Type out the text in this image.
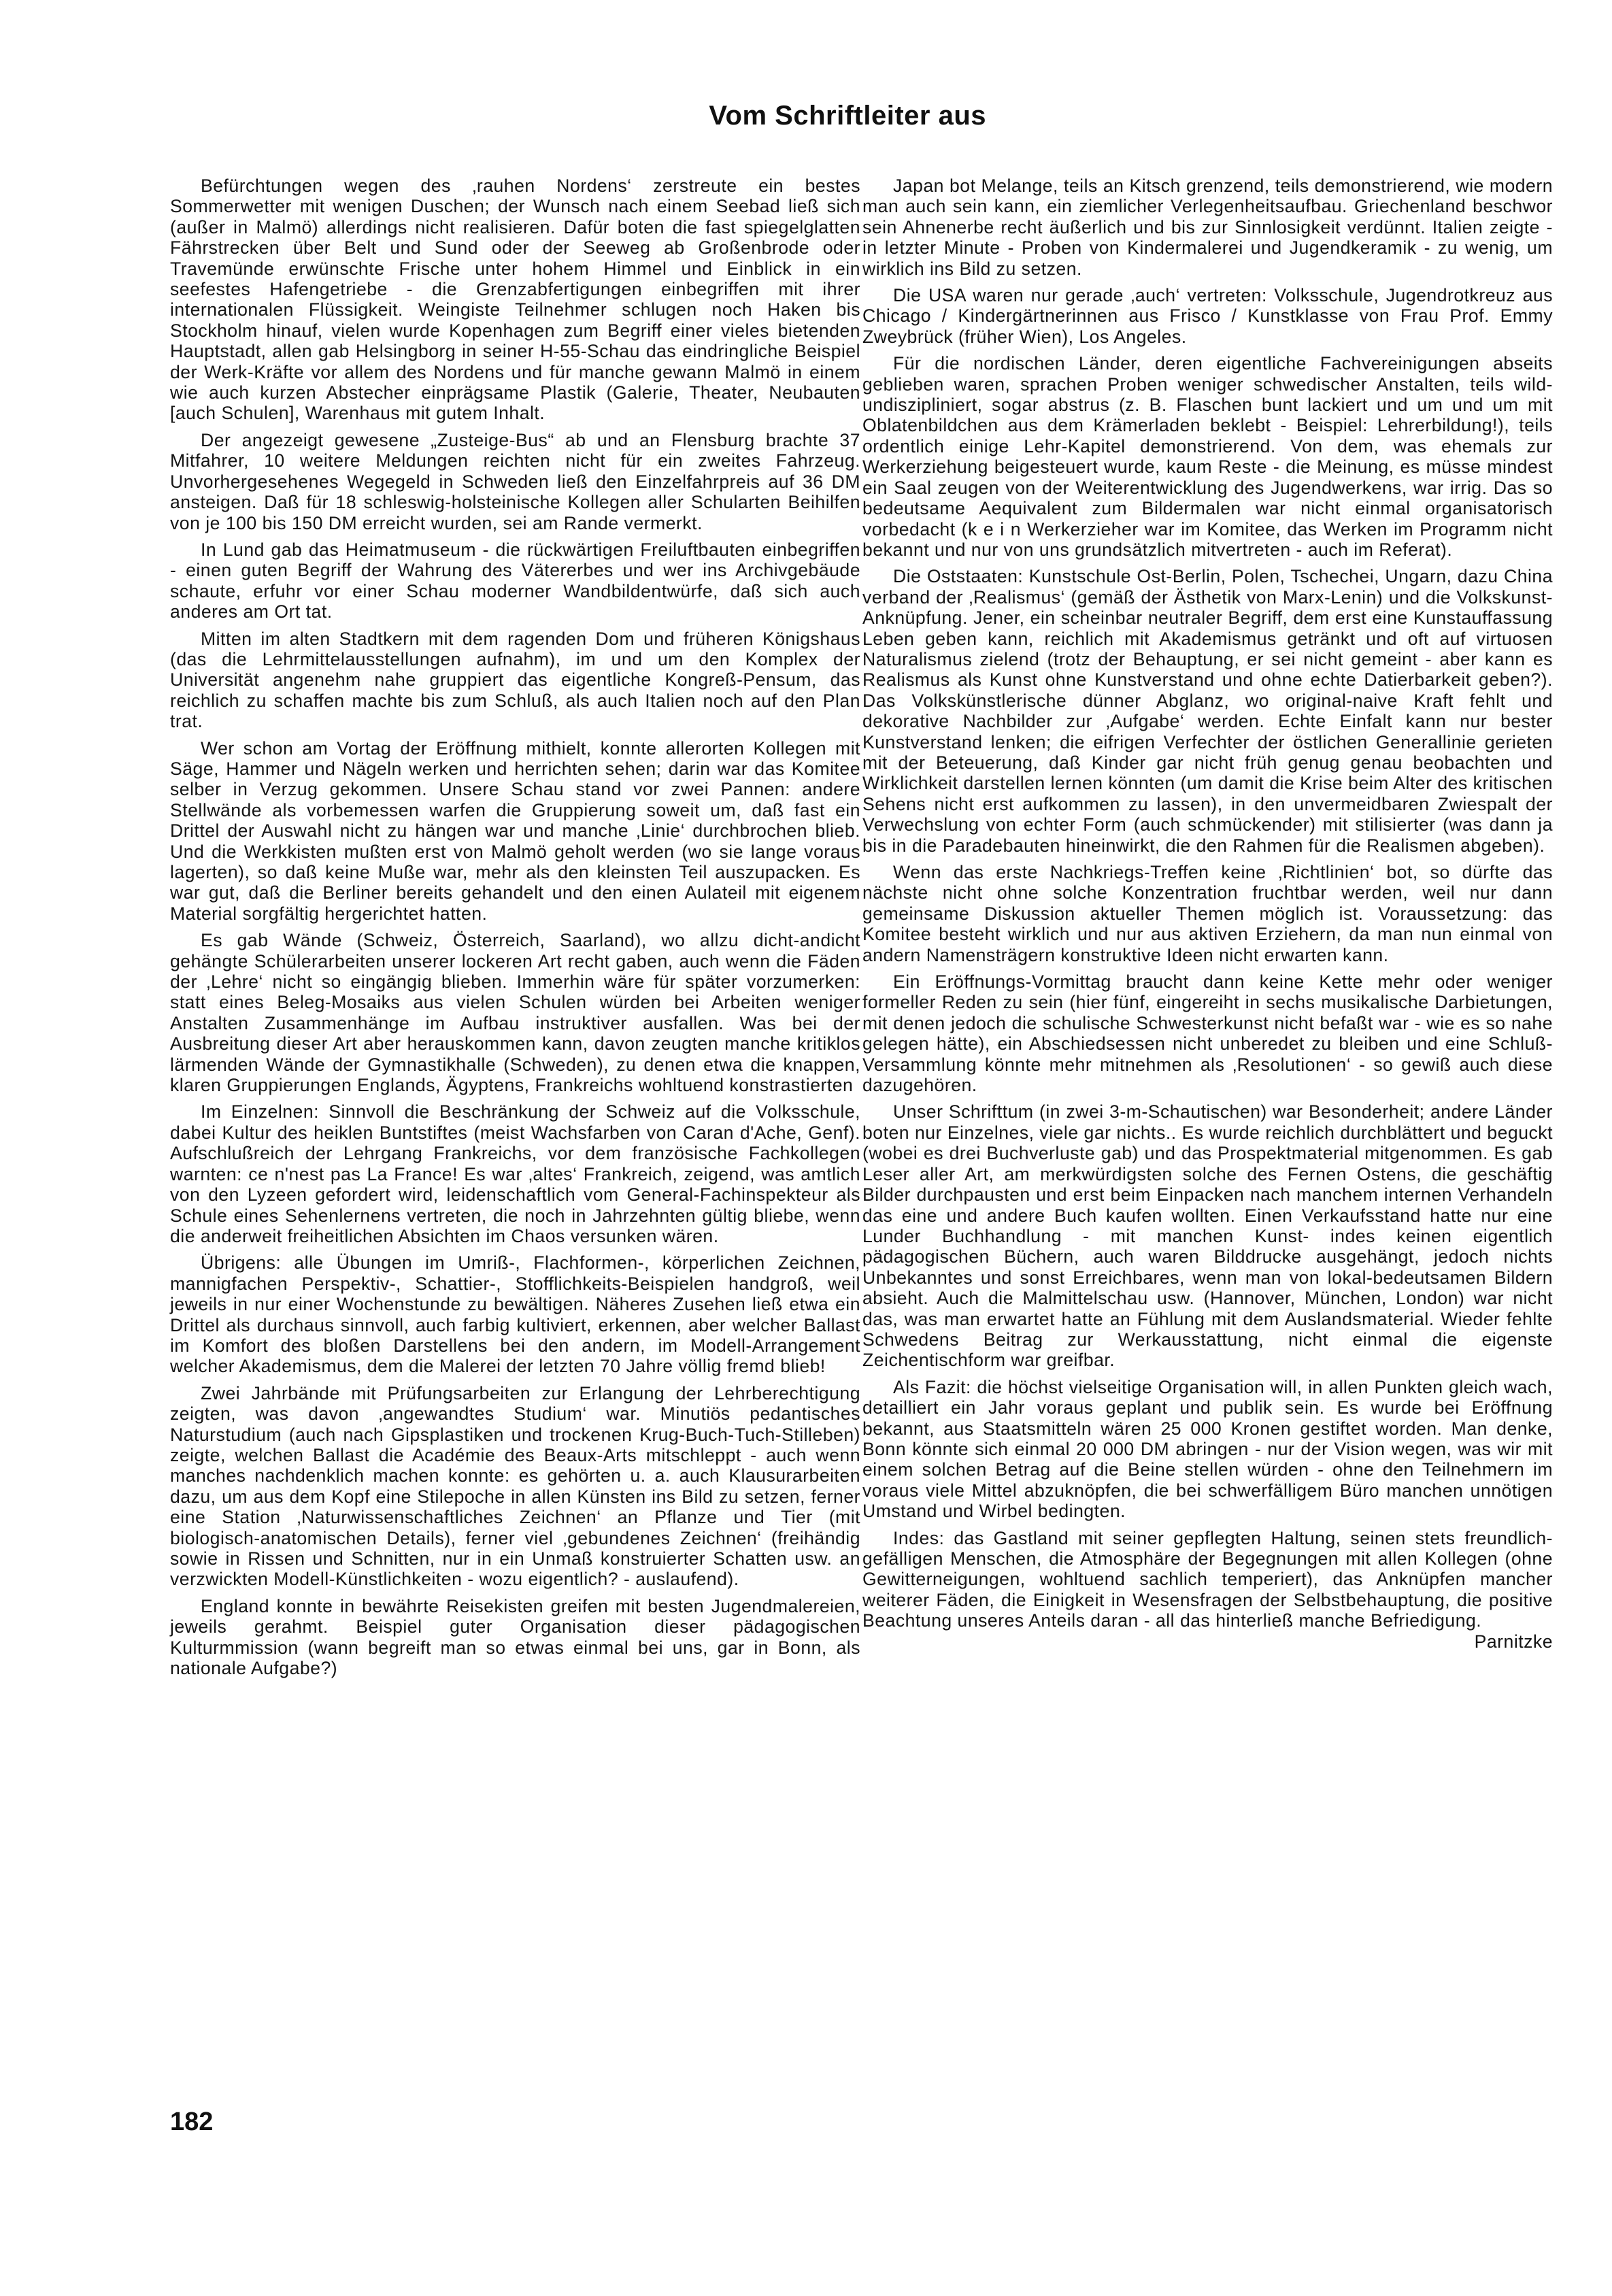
Vom Schriftleiter aus

Befürchtungen wegen des ‚rauhen Nordens‘ zerstreute ein bestes Sommerwetter mit wenigen Duschen; der Wunsch nach einem Seebad ließ sich (außer in Malmö) allerdings nicht realisieren. Dafür boten die fast spiegelglatten Fährstrecken über Belt und Sund oder der Seeweg ab Großenbrode oder Travemünde erwünschte Frische unter hohem Himmel und Einblick in ein seefestes Hafengetriebe - die Grenzabfertigungen einbegriffen mit ihrer internationalen Flüssigkeit. Weingiste Teilnehmer schlugen noch Haken bis Stockholm hinauf, vielen wurde Kopenhagen zum Begriff einer vieles bietenden Hauptstadt, allen gab Helsingborg in seiner H-55-Schau das eindringliche Beispiel der Werk-Kräfte vor allem des Nordens und für manche gewann Malmö in einem wie auch kurzen Abstecher einprägsame Plastik (Galerie, Theater, Neubauten [auch Schulen], Warenhaus mit gutem Inhalt.

Der angezeigt gewesene „Zusteige-Bus“ ab und an Flensburg brachte 37 Mitfahrer, 10 weitere Meldungen reichten nicht für ein zweites Fahrzeug. Unvorhergesehenes Wegegeld in Schweden ließ den Einzelfahrpreis auf 36 DM ansteigen. Daß für 18 schleswig-holsteinische Kollegen aller Schularten Beihilfen von je 100 bis 150 DM erreicht wurden, sei am Rande vermerkt.

In Lund gab das Heimatmuseum - die rückwärtigen Freiluftbauten einbegriffen - einen guten Begriff der Wahrung des Vätererbes und wer ins Archivgebäude schaute, erfuhr vor einer Schau moderner Wandbildentwürfe, daß sich auch anderes am Ort tat.

Mitten im alten Stadtkern mit dem ragenden Dom und früheren Königshaus (das die Lehrmittelausstellungen aufnahm), im und um den Komplex der Universität angenehm nahe gruppiert das eigentliche Kongreß-Pensum, das reichlich zu schaffen machte bis zum Schluß, als auch Italien noch auf den Plan trat.

Wer schon am Vortag der Eröffnung mithielt, konnte allerorten Kollegen mit Säge, Hammer und Nägeln werken und herrichten sehen; darin war das Komitee selber in Verzug gekommen. Unsere Schau stand vor zwei Pannen: andere Stellwände als vorbemessen warfen die Gruppierung soweit um, daß fast ein Drittel der Auswahl nicht zu hängen war und manche ‚Linie‘ durchbrochen blieb. Und die Werkkisten mußten erst von Malmö geholt werden (wo sie lange voraus lagerten), so daß keine Muße war, mehr als den kleinsten Teil auszupacken. Es war gut, daß die Berliner bereits gehandelt und den einen Aulateil mit eigenem Material sorgfältig hergerichtet hatten.

Es gab Wände (Schweiz, Österreich, Saarland), wo allzu dicht-andicht gehängte Schülerarbeiten unserer lockeren Art recht gaben, auch wenn die Fäden der ‚Lehre‘ nicht so eingängig blieben. Immerhin wäre für später vorzumerken: statt eines Beleg-Mosaiks aus vielen Schulen würden bei Arbeiten weniger Anstalten Zusammenhänge im Aufbau instruktiver ausfallen. Was bei der Ausbreitung dieser Art aber herauskommen kann, davon zeugten manche kritiklos lärmenden Wände der Gymnastikhalle (Schweden), zu denen etwa die knappen, klaren Gruppierungen Englands, Ägyptens, Frankreichs wohltuend konstrastierten

Im Einzelnen: Sinnvoll die Beschränkung der Schweiz auf die Volksschule, dabei Kultur des heiklen Buntstiftes (meist Wachsfarben von Caran d'Ache, Genf). Aufschlußreich der Lehrgang Frankreichs, vor dem französische Fachkollegen warnten: ce n'nest pas La France! Es war ‚altes‘ Frankreich, zeigend, was amtlich von den Lyzeen gefordert wird, leidenschaftlich vom General-Fachinspekteur als Schule eines Sehenlernens vertreten, die noch in Jahrzehnten gültig bliebe, wenn die anderweit freiheitlichen Absichten im Chaos versunken wären.

Übrigens: alle Übungen im Umriß-, Flachformen-, körperlichen Zeichnen, mannigfachen Perspektiv-, Schattier-, Stofflichkeits-Beispielen handgroß, weil jeweils in nur einer Wochenstunde zu bewältigen. Näheres Zusehen ließ etwa ein Drittel als durchaus sinnvoll, auch farbig kultiviert, erkennen, aber welcher Ballast im Komfort des bloßen Darstellens bei den andern, im Modell-Arrangement welcher Akademismus, dem die Malerei der letzten 70 Jahre völlig fremd blieb!

Zwei Jahrbände mit Prüfungsarbeiten zur Erlangung der Lehrberechtigung zeigten, was davon ‚angewandtes Studium‘ war. Minutiös pedantisches Naturstudium (auch nach Gipsplastiken und trockenen Krug-Buch-Tuch-Stilleben) zeigte, welchen Ballast die Académie des Beaux-Arts mitschleppt - auch wenn manches nachdenklich machen konnte: es gehörten u. a. auch Klausurarbeiten dazu, um aus dem Kopf eine Stilepoche in allen Künsten ins Bild zu setzen, ferner eine Station ‚Naturwissenschaftliches Zeichnen‘ an Pflanze und Tier (mit biologisch-anatomischen Details), ferner viel ‚gebundenes Zeichnen‘ (freihändig sowie in Rissen und Schnitten, nur in ein Unmaß konstruierter Schatten usw. an verzwickten Modell-Künstlichkeiten - wozu eigentlich? - auslaufend).

England konnte in bewährte Reisekisten greifen mit besten Jugendmalereien, jeweils gerahmt. Beispiel guter Organisation dieser pädagogischen Kulturmmission (wann begreift man so etwas einmal bei uns, gar in Bonn, als nationale Aufgabe?)

Japan bot Melange, teils an Kitsch grenzend, teils demonstrierend, wie modern man auch sein kann, ein ziemlicher Verlegenheitsaufbau. Griechenland beschwor sein Ahnenerbe recht äußerlich und bis zur Sinnlosigkeit verdünnt. Italien zeigte - in letzter Minute - Proben von Kindermalerei und Jugendkeramik - zu wenig, um wirklich ins Bild zu setzen.

Die USA waren nur gerade ‚auch‘ vertreten: Volksschule, Jugendrotkreuz aus Chicago / Kindergärtnerinnen aus Frisco / Kunstklasse von Frau Prof. Emmy Zweybrück (früher Wien), Los Angeles.

Für die nordischen Länder, deren eigentliche Fachvereinigungen abseits geblieben waren, sprachen Proben weniger schwedischer Anstalten, teils wild-undiszipliniert, sogar abstrus (z. B. Flaschen bunt lackiert und um und um mit Oblatenbildchen aus dem Krämerladen beklebt - Beispiel: Lehrerbildung!), teils ordentlich einige Lehr-Kapitel demonstrierend. Von dem, was ehemals zur Werkerziehung beigesteuert wurde, kaum Reste - die Meinung, es müsse mindest ein Saal zeugen von der Weiterentwicklung des Jugendwerkens, war irrig. Das so bedeutsame Aequivalent zum Bildermalen war nicht einmal organisatorisch vorbedacht (k e i n Werkerzieher war im Komitee, das Werken im Programm nicht bekannt und nur von uns grundsätzlich mitvertreten - auch im Referat).

Die Oststaaten: Kunstschule Ost-Berlin, Polen, Tschechei, Ungarn, dazu China verband der ‚Realismus‘ (gemäß der Ästhetik von Marx-Lenin) und die Volkskunst-Anknüpfung. Jener, ein scheinbar neutraler Begriff, dem erst eine Kunstauffassung Leben geben kann, reichlich mit Akademismus getränkt und oft auf virtuosen Naturalismus zielend (trotz der Behauptung, er sei nicht gemeint - aber kann es Realismus als Kunst ohne Kunstverstand und ohne echte Datierbarkeit geben?). Das Volkskünstlerische dünner Abglanz, wo original-naive Kraft fehlt und dekorative Nachbilder zur ‚Aufgabe‘ werden. Echte Einfalt kann nur bester Kunstverstand lenken; die eifrigen Verfechter der östlichen Generallinie gerieten mit der Beteuerung, daß Kinder gar nicht früh genug genau beobachten und Wirklichkeit darstellen lernen könnten (um damit die Krise beim Alter des kritischen Sehens nicht erst aufkommen zu lassen), in den unvermeidbaren Zwiespalt der Verwechslung von echter Form (auch schmückender) mit stilisierter (was dann ja bis in die Paradebauten hineinwirkt, die den Rahmen für die Realismen abgeben).

Wenn das erste Nachkriegs-Treffen keine ‚Richtlinien‘ bot, so dürfte das nächste nicht ohne solche Konzentration fruchtbar werden, weil nur dann gemeinsame Diskussion aktueller Themen möglich ist. Voraussetzung: das Komitee besteht wirklich und nur aus aktiven Erziehern, da man nun einmal von andern Namensträgern konstruktive Ideen nicht erwarten kann.

Ein Eröffnungs-Vormittag braucht dann keine Kette mehr oder weniger formeller Reden zu sein (hier fünf, eingereiht in sechs musikalische Darbietungen, mit denen jedoch die schulische Schwesterkunst nicht befaßt war - wie es so nahe gelegen hätte), ein Abschiedsessen nicht unberedet zu bleiben und eine Schluß-Versammlung könnte mehr mitnehmen als ‚Resolutionen‘ - so gewiß auch diese dazugehören.

Unser Schrifttum (in zwei 3-m-Schautischen) war Besonderheit; andere Länder boten nur Einzelnes, viele gar nichts.. Es wurde reichlich durchblättert und beguckt (wobei es drei Buchverluste gab) und das Prospektmaterial mitgenommen. Es gab Leser aller Art, am merkwürdigsten solche des Fernen Ostens, die geschäftig Bilder durchpausten und erst beim Einpacken nach manchem internen Verhandeln das eine und andere Buch kaufen wollten. Einen Verkaufsstand hatte nur eine Lunder Buchhandlung - mit manchen Kunst- indes keinen eigentlich pädagogischen Büchern, auch waren Bilddrucke ausgehängt, jedoch nichts Unbekanntes und sonst Erreichbares, wenn man von lokal-bedeutsamen Bildern absieht. Auch die Malmittelschau usw. (Hannover, München, London) war nicht das, was man erwartet hatte an Fühlung mit dem Auslandsmaterial. Wieder fehlte Schwedens Beitrag zur Werkausstattung, nicht einmal die eigenste Zeichentischform war greifbar.

Als Fazit: die höchst vielseitige Organisation will, in allen Punkten gleich wach, detailliert ein Jahr voraus geplant und publik sein. Es wurde bei Eröffnung bekannt, aus Staatsmitteln wären 25 000 Kronen gestiftet worden. Man denke, Bonn könnte sich einmal 20 000 DM abringen - nur der Vision wegen, was wir mit einem solchen Betrag auf die Beine stellen würden - ohne den Teilnehmern im voraus viele Mittel abzuknöpfen, die bei schwerfälligem Büro manchen unnötigen Umstand und Wirbel bedingten.

Indes: das Gastland mit seiner gepflegten Haltung, seinen stets freundlich-gefälligen Menschen, die Atmosphäre der Begegnungen mit allen Kollegen (ohne Gewitterneigungen, wohltuend sachlich temperiert), das Anknüpfen mancher weiterer Fäden, die Einigkeit in Wesensfragen der Selbstbehauptung, die positive Beachtung unseres Anteils daran - all das hinterließ manche Befriedigung.
Parnitzke

182
